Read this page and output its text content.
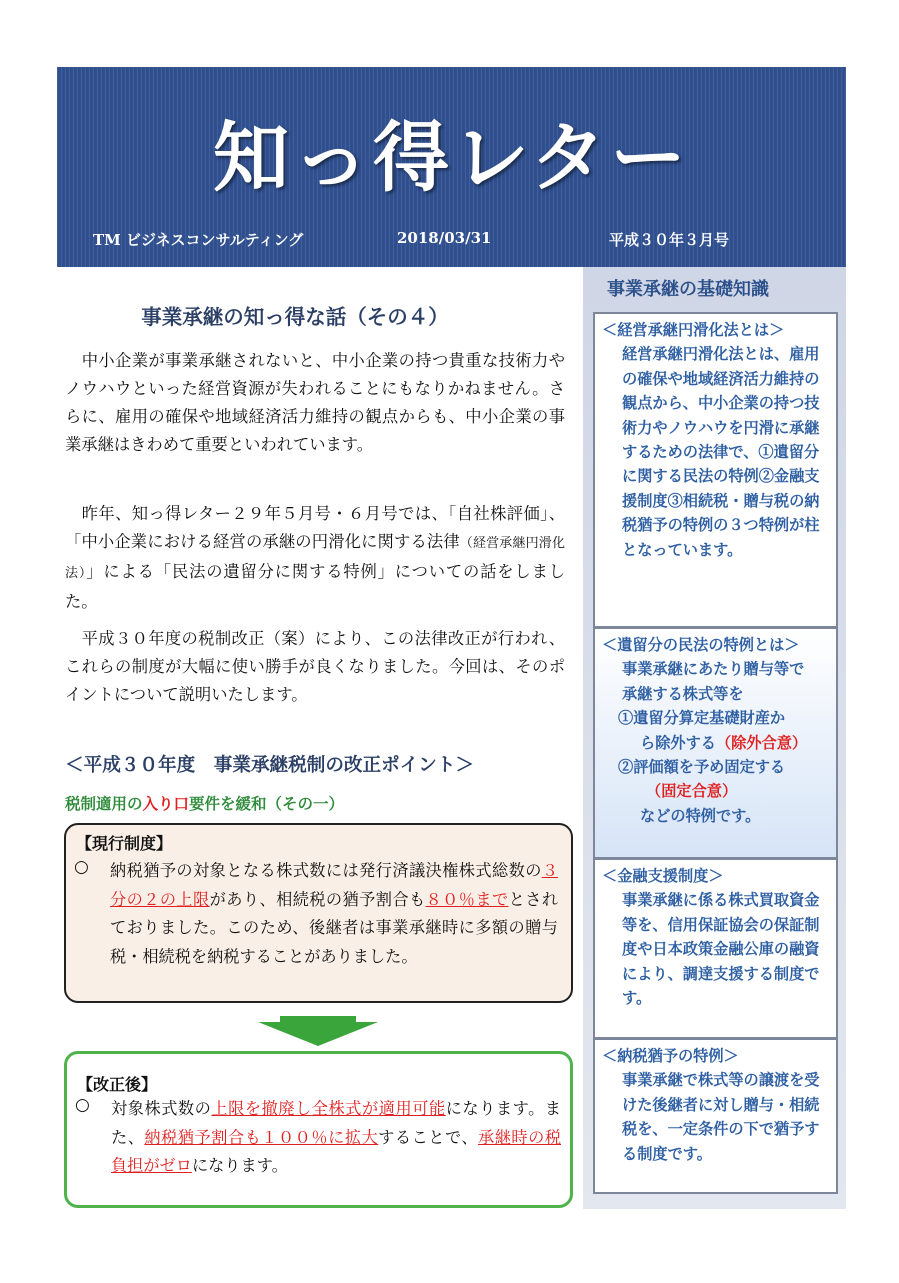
知っ得レター
TM ビジネスコンサルティング	2018/03/31	平成３０年３月号
事業承継の基礎知識
＜経営承継円滑化法とは＞
経営承継円滑化法とは、雇用の確保や地域経済活力維持の観点から、中小企業の持つ技術力やノウハウを円滑に承継するための法律で、①遺留分に関する民法の特例②金融支援制度③相続税・贈与税の納税猶予の特例の３つ特例が柱となっています。
＜遺留分の民法の特例とは＞
事業承継にあたり贈与等で
承継する株式等を
①遺留分算定基礎財産か
ら除外する（除外合意）
②評価額を予め固定する
（固定合意）
などの特例です。
＜金融支援制度＞
事業承継に係る株式買取資金等を、信用保証協会の保証制度や日本政策金融公庫の融資により、調達支援する制度です。
＜納税猶予の特例＞
事業承継で株式等の譲渡を受けた後継者に対し贈与・相続税を、一定条件の下で猶予する制度です。
事業承継の知っ得な話（その４）

　中小企業が事業承継されないと、中小企業の持つ貴重な技術力やノウハウといった経営資源が失われることにもなりかねません。さらに、雇用の確保や地域経済活力維持の観点からも、中小企業の事業承継はきわめて重要といわれています。

　昨年、知っ得レター２９年５月号・６月号では、「自社株評価」、「中小企業における経営の承継の円滑化に関する法律（経営承継円滑化法）」による「民法の遺留分に関する特例」についての話をしました。

　平成３０年度の税制改正（案）により、この法律改正が行われ、これらの制度が大幅に使い勝手が良くなりました。今回は、そのポイントについて説明いたします。

＜平成３０年度　事業承継税制の改正ポイント＞
税制適用の入り口要件を緩和（その一）
【現行制度】
○ 納税猶予の対象となる株式数には発行済議決権株式総数の３分の２の上限があり、相続税の猶予割合も８０％までとされておりました。このため、後継者は事業承継時に多額の贈与税・相続税を納税することがありました。
【改正後】
○ 対象株式数の上限を撤廃し全株式が適用可能になります。また、納税猶予割合も１００％に拡大することで、承継時の税負担がゼロになります。
